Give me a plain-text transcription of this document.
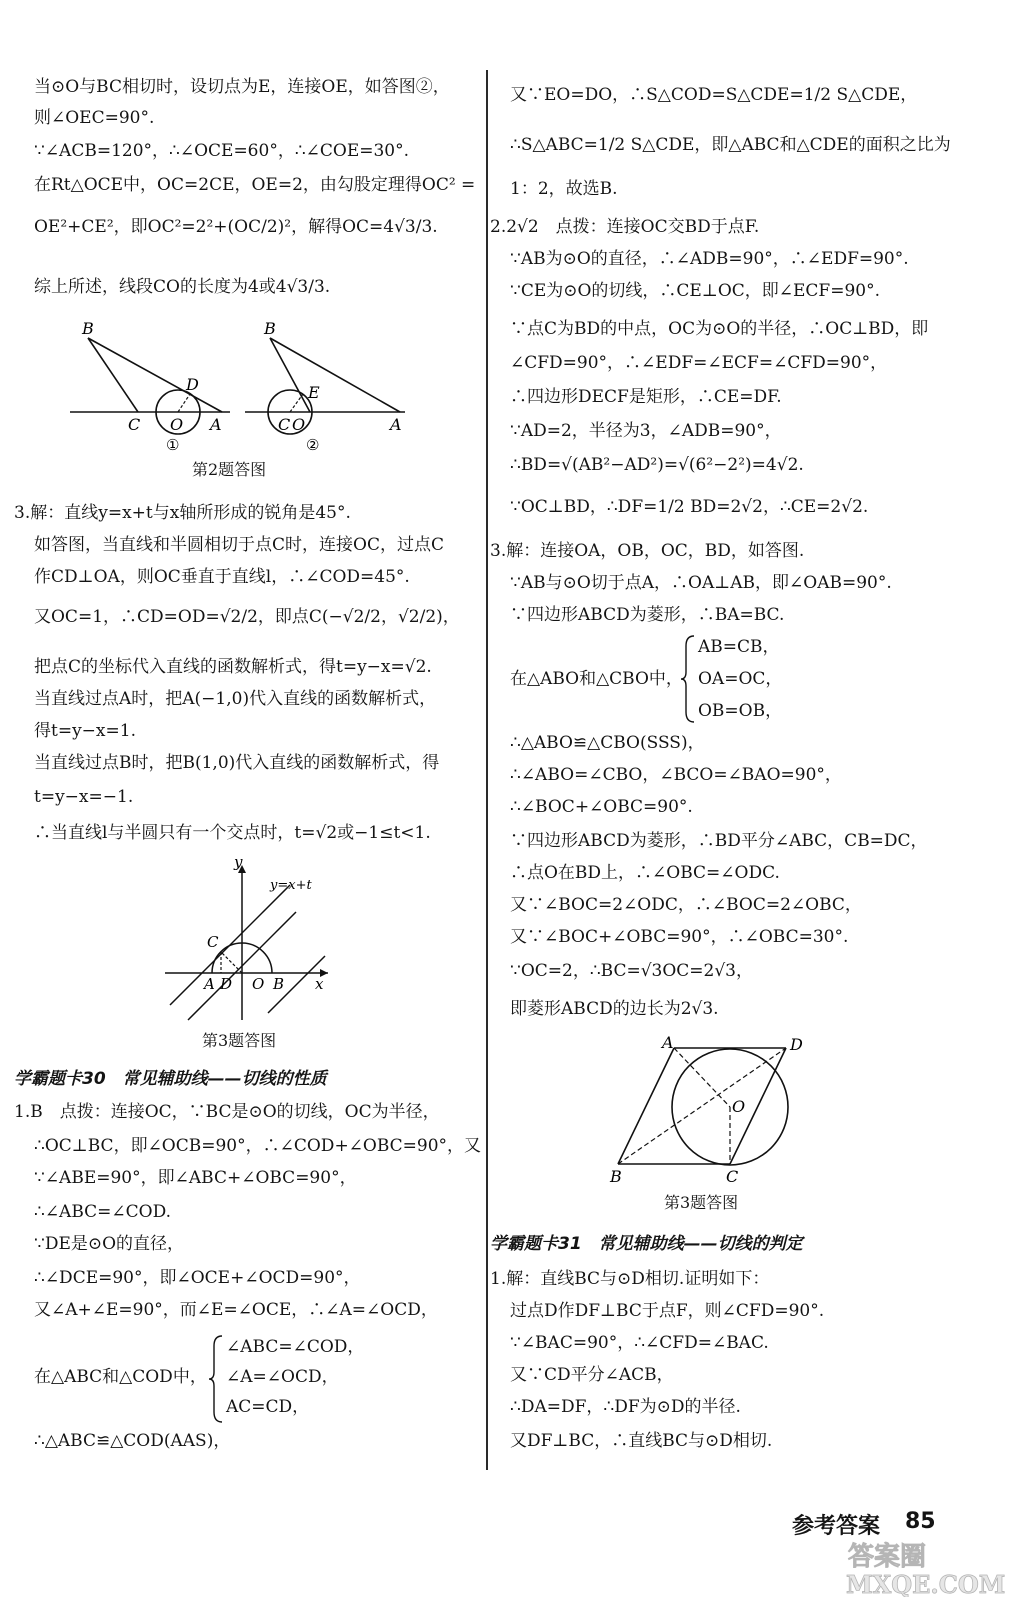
当⊙O与BC相切时，设切点为E，连接OE，如答图②，
则∠OEC=90°.
∵∠ACB=120°，∴∠OCE=60°，∴∠COE=30°.
在Rt△OCE中，OC=2CE，OE=2，由勾股定理得OC² =
OE²+CE²，即OC²=2²+(OC/2)²，解得OC=4√3/3.
综上所述，线段CO的长度为4或4√3/3.
B
D
C O A
①
B
E
C O	A
②
第2题答图
3.解：直线y=x+t与x轴所形成的锐角是45°.
如答图，当直线和半圆相切于点C时，连接OC，过点C
作CD⊥OA，则OC垂直于直线l，∴∠COD=45°.
又OC=1，∴CD=OD=√2/2，即点C(−√2/2，√2/2)，
把点C的坐标代入直线的函数解析式，得t=y−x=√2.
当直线过点A时，把A(−1,0)代入直线的函数解析式，
得t=y−x=1.
当直线过点B时，把B(1,0)代入直线的函数解析式，得
t=y−x=−1.
∴当直线l与半圆只有一个交点时，t=√2或−1≤t<1.
y
y=x+t
C
A D O B x
第3题答图
学霸题卡30　常见辅助线——切线的性质
1.B　点拨：连接OC，∵BC是⊙O的切线，OC为半径，
∴OC⊥BC，即∠OCB=90°，∴∠COD+∠OBC=90°，又
∵∠ABE=90°，即∠ABC+∠OBC=90°，
∴∠ABC=∠COD.
∵DE是⊙O的直径，
∴∠DCE=90°，即∠OCE+∠OCD=90°，
又∠A+∠E=90°，而∠E=∠OCE，∴∠A=∠OCD，
在△ABC和△COD中，
∠ABC=∠COD，
∠A=∠OCD，
AC=CD，
∴△ABC≌△COD(AAS)，
又∵EO=DO，∴S△COD=S△CDE=1/2 S△CDE，
∴S△ABC=1/2 S△CDE，即△ABC和△CDE的面积之比为
1：2，故选B.
2.2√2　点拨：连接OC交BD于点F.
∵AB为⊙O的直径，∴∠ADB=90°，∴∠EDF=90°.
∵CE为⊙O的切线，∴CE⊥OC，即∠ECF=90°.
∵点C为BD的中点，OC为⊙O的半径，∴OC⊥BD，即
∠CFD=90°，∴∠EDF=∠ECF=∠CFD=90°，
∴四边形DECF是矩形，∴CE=DF.
∵AD=2，半径为3，∠ADB=90°，
∴BD=√(AB²−AD²)=√(6²−2²)=4√2.
∵OC⊥BD，∴DF=1/2 BD=2√2，∴CE=2√2.
3.解：连接OA，OB，OC，BD，如答图.
∵AB与⊙O切于点A，∴OA⊥AB，即∠OAB=90°.
∵四边形ABCD为菱形，∴BA=BC.
在△ABO和△CBO中，
AB=CB，
OA=OC，
OB=OB，
∴△ABO≌△CBO(SSS)，
∴∠ABO=∠CBO，∠BCO=∠BAO=90°，
∴∠BOC+∠OBC=90°.
∵四边形ABCD为菱形，∴BD平分∠ABC，CB=DC，
∴点O在BD上，∴∠OBC=∠ODC.
又∵∠BOC=2∠ODC，∴∠BOC=2∠OBC，
又∵∠BOC+∠OBC=90°，∴∠OBC=30°.
∵OC=2，∴BC=√3OC=2√3，
即菱形ABCD的边长为2√3.
A	D
O
B	C
第3题答图
学霸题卡31　常见辅助线——切线的判定
1.解：直线BC与⊙D相切.证明如下：
过点D作DF⊥BC于点F，则∠CFD=90°.
∵∠BAC=90°，∴∠CFD=∠BAC.
又∵CD平分∠ACB，
∴DA=DF，∴DF为⊙D的半径.
又DF⊥BC，∴直线BC与⊙D相切.
参考答案 85
答案圈
MXQE.COM
